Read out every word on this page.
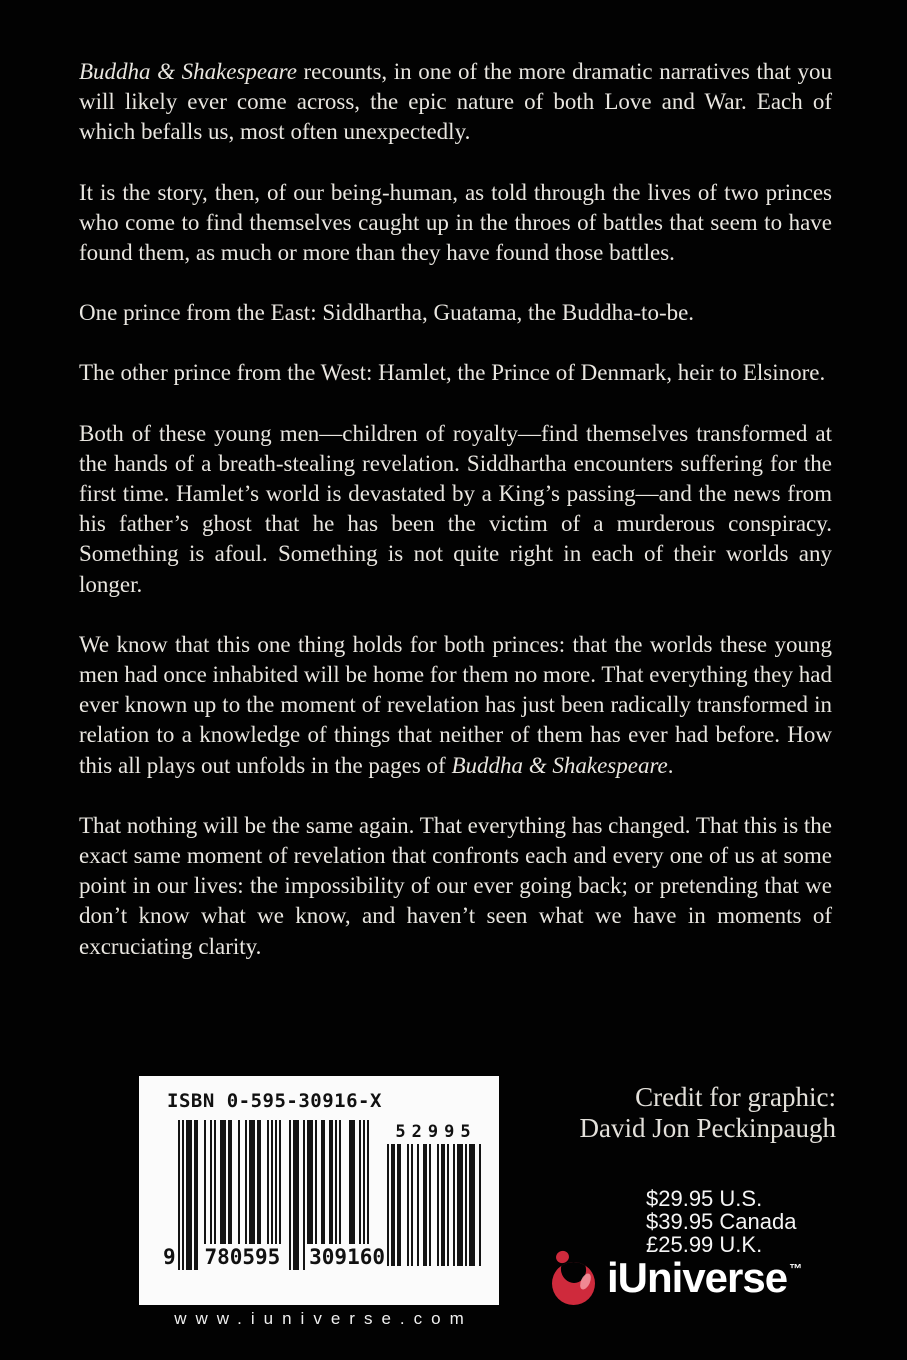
Buddha & Shakespeare recounts, in one of the more dramatic narratives that you will likely ever come across, the epic nature of both Love and War. Each of which befalls us, most often unexpectedly.

It is the story, then, of our being-human, as told through the lives of two princes who come to find themselves caught up in the throes of battles that seem to have found them, as much or more than they have found those battles.

One prince from the East: Siddhartha, Guatama, the Buddha-to-be.

The other prince from the West: Hamlet, the Prince of Denmark, heir to Elsinore.

Both of these young men—children of royalty—find themselves transformed at the hands of a breath-stealing revelation. Siddhartha encounters suffering for the first time. Hamlet’s world is devastated by a King’s passing—and the news from his father’s ghost that he has been the victim of a murderous conspiracy. Something is afoul. Something is not quite right in each of their worlds any longer.

We know that this one thing holds for both princes: that the worlds these young men had once inhabited will be home for them no more. That everything they had ever known up to the moment of revelation has just been radically transformed in relation to a knowledge of things that neither of them has ever had before. How this all plays out unfolds in the pages of Buddha & Shakespeare.

That nothing will be the same again. That everything has changed. That this is the exact same moment of revelation that confronts each and every one of us at some point in our lives: the impossibility of our ever going back; or pretending that we don’t know what we know, and haven’t seen what we have in moments of excruciating clarity.

ISBN 0-595-30916-X
9 780595 309160
52995
www.iuniverse.com
Credit for graphic:
David Jon Peckinpaugh
$29.95 U.S.
$39.95 Canada
£25.99 U.K.
iUniverse ™
